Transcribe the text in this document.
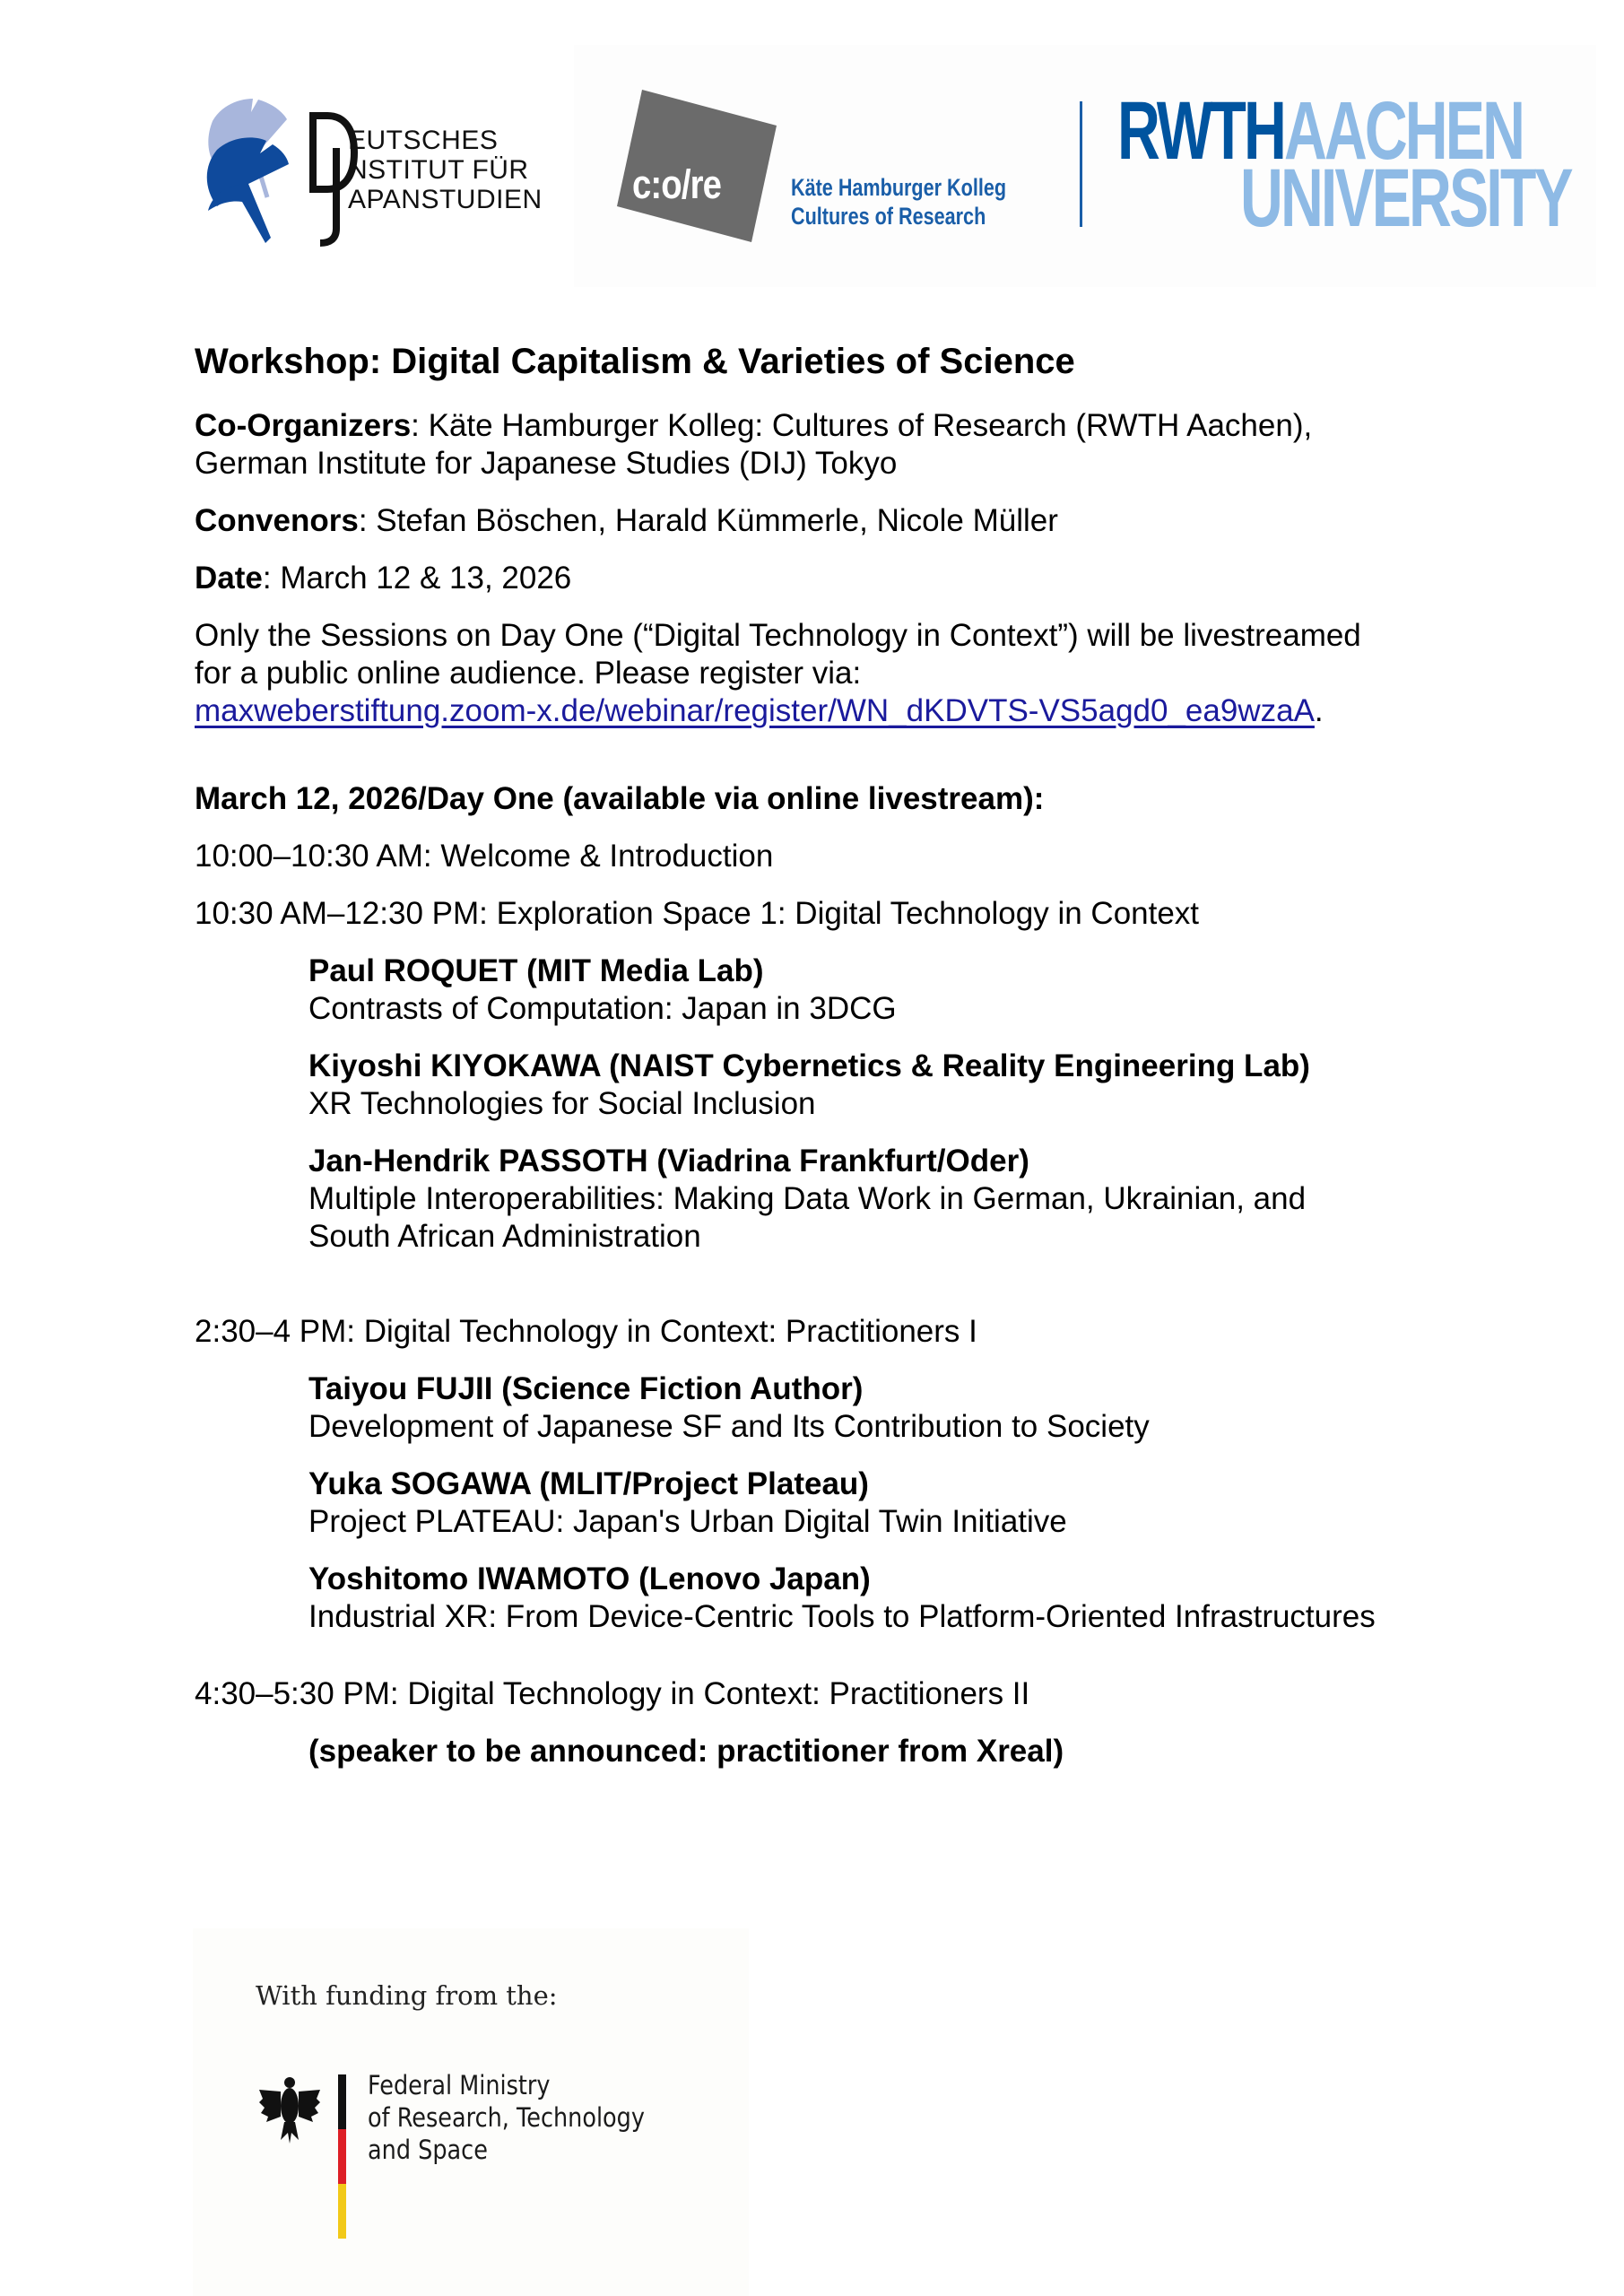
EUTSCHES
NSTITUT FÜR
APANSTUDIEN c:o/re	Käte Hamburger Kolleg
Cultures of Research
RWTHAACHEN
UNIVERSITY
Workshop: Digital Capitalism & Varieties of Science
Co-Organizers: Käte Hamburger Kolleg: Cultures of Research (RWTH Aachen),
German Institute for Japanese Studies (DIJ) Tokyo
Convenors: Stefan Böschen, Harald Kümmerle, Nicole Müller
Date: March 12 & 13, 2026
Only the Sessions on Day One (“Digital Technology in Context”) will be livestreamed
for a public online audience. Please register via:
maxweberstiftung.zoom-x.de/webinar/register/WN_dKDVTS-VS5agd0_ea9wzaA.
March 12, 2026/Day One (available via online livestream):
10:00–10:30 AM: Welcome & Introduction
10:30 AM–12:30 PM: Exploration Space 1: Digital Technology in Context
Paul ROQUET (MIT Media Lab)
Contrasts of Computation: Japan in 3DCG
Kiyoshi KIYOKAWA (NAIST Cybernetics & Reality Engineering Lab)
XR Technologies for Social Inclusion
Jan-Hendrik PASSOTH (Viadrina Frankfurt/Oder)
Multiple Interoperabilities: Making Data Work in German, Ukrainian, and South African Administration
2:30–4 PM: Digital Technology in Context: Practitioners I
Taiyou FUJII (Science Fiction Author)
Development of Japanese SF and Its Contribution to Society
Yuka SOGAWA (MLIT/Project Plateau)
Project PLATEAU: Japan's Urban Digital Twin Initiative
Yoshitomo IWAMOTO (Lenovo Japan)
Industrial XR: From Device-Centric Tools to Platform-Oriented Infrastructures
4:30–5:30 PM: Digital Technology in Context: Practitioners II
(speaker to be announced: practitioner from Xreal)
With funding from the:
Federal Ministry
of Research, Technology
and Space
